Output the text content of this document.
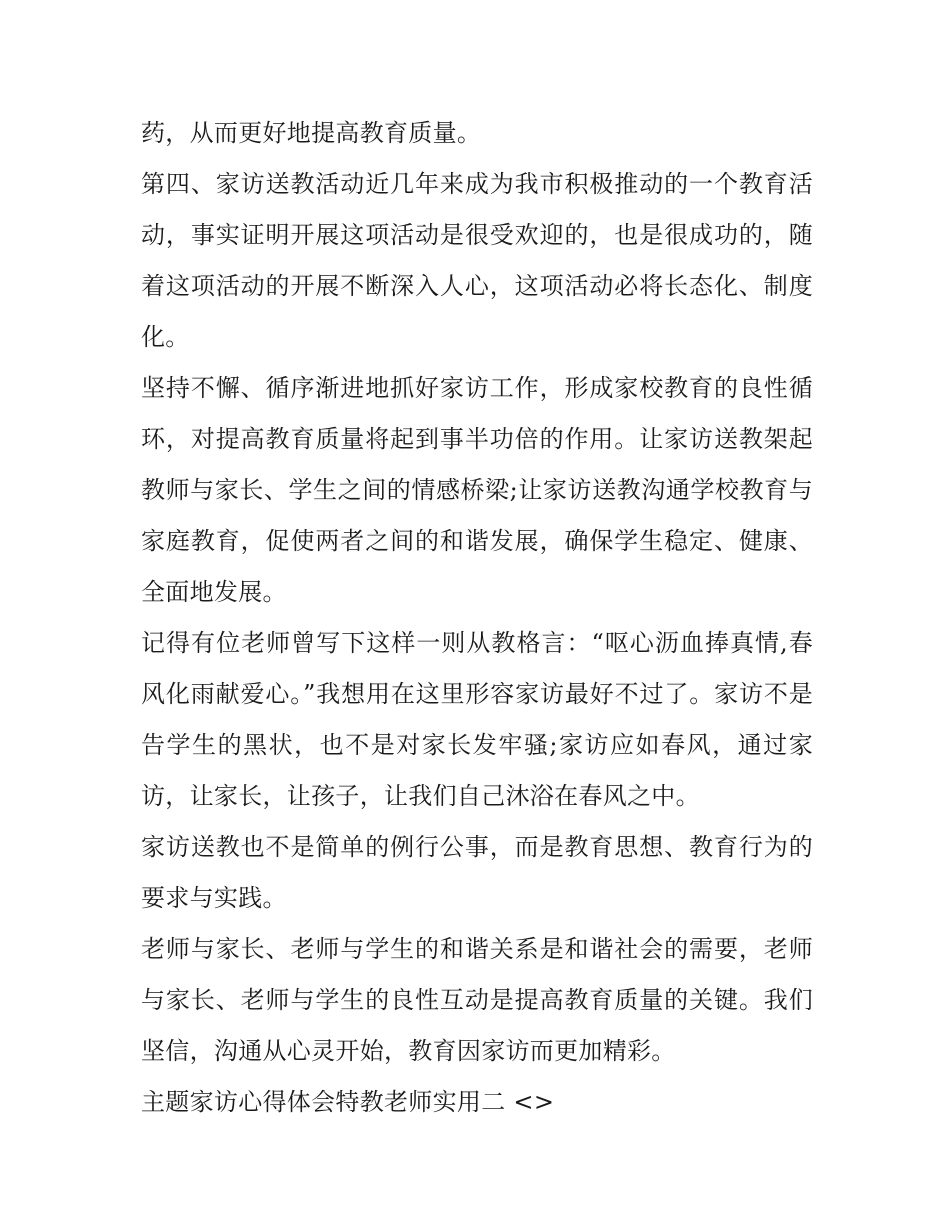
药，从而更好地提高教育质量。

第四、家访送教活动近几年来成为我市积极推动的一个教育活动，事实证明开展这项活动是很受欢迎的，也是很成功的，随着这项活动的开展不断深入人心，这项活动必将长态化、制度化。

坚持不懈、循序渐进地抓好家访工作，形成家校教育的良性循环，对提高教育质量将起到事半功倍的作用。让家访送教架起教师与家长、学生之间的情感桥梁;让家访送教沟通学校教育与家庭教育，促使两者之间的和谐发展，确保学生稳定、健康、全面地发展。

记得有位老师曾写下这样一则从教格言：“呕心沥血捧真情,春风化雨献爱心。”我想用在这里形容家访最好不过了。家访不是告学生的黑状，也不是对家长发牢骚;家访应如春风，通过家访，让家长，让孩子，让我们自己沐浴在春风之中。

家访送教也不是简单的例行公事，而是教育思想、教育行为的要求与实践。

老师与家长、老师与学生的和谐关系是和谐社会的需要，老师与家长、老师与学生的良性互动是提高教育质量的关键。我们坚信，沟通从心灵开始，教育因家访而更加精彩。

主题家访心得体会特教老师实用二 <>
